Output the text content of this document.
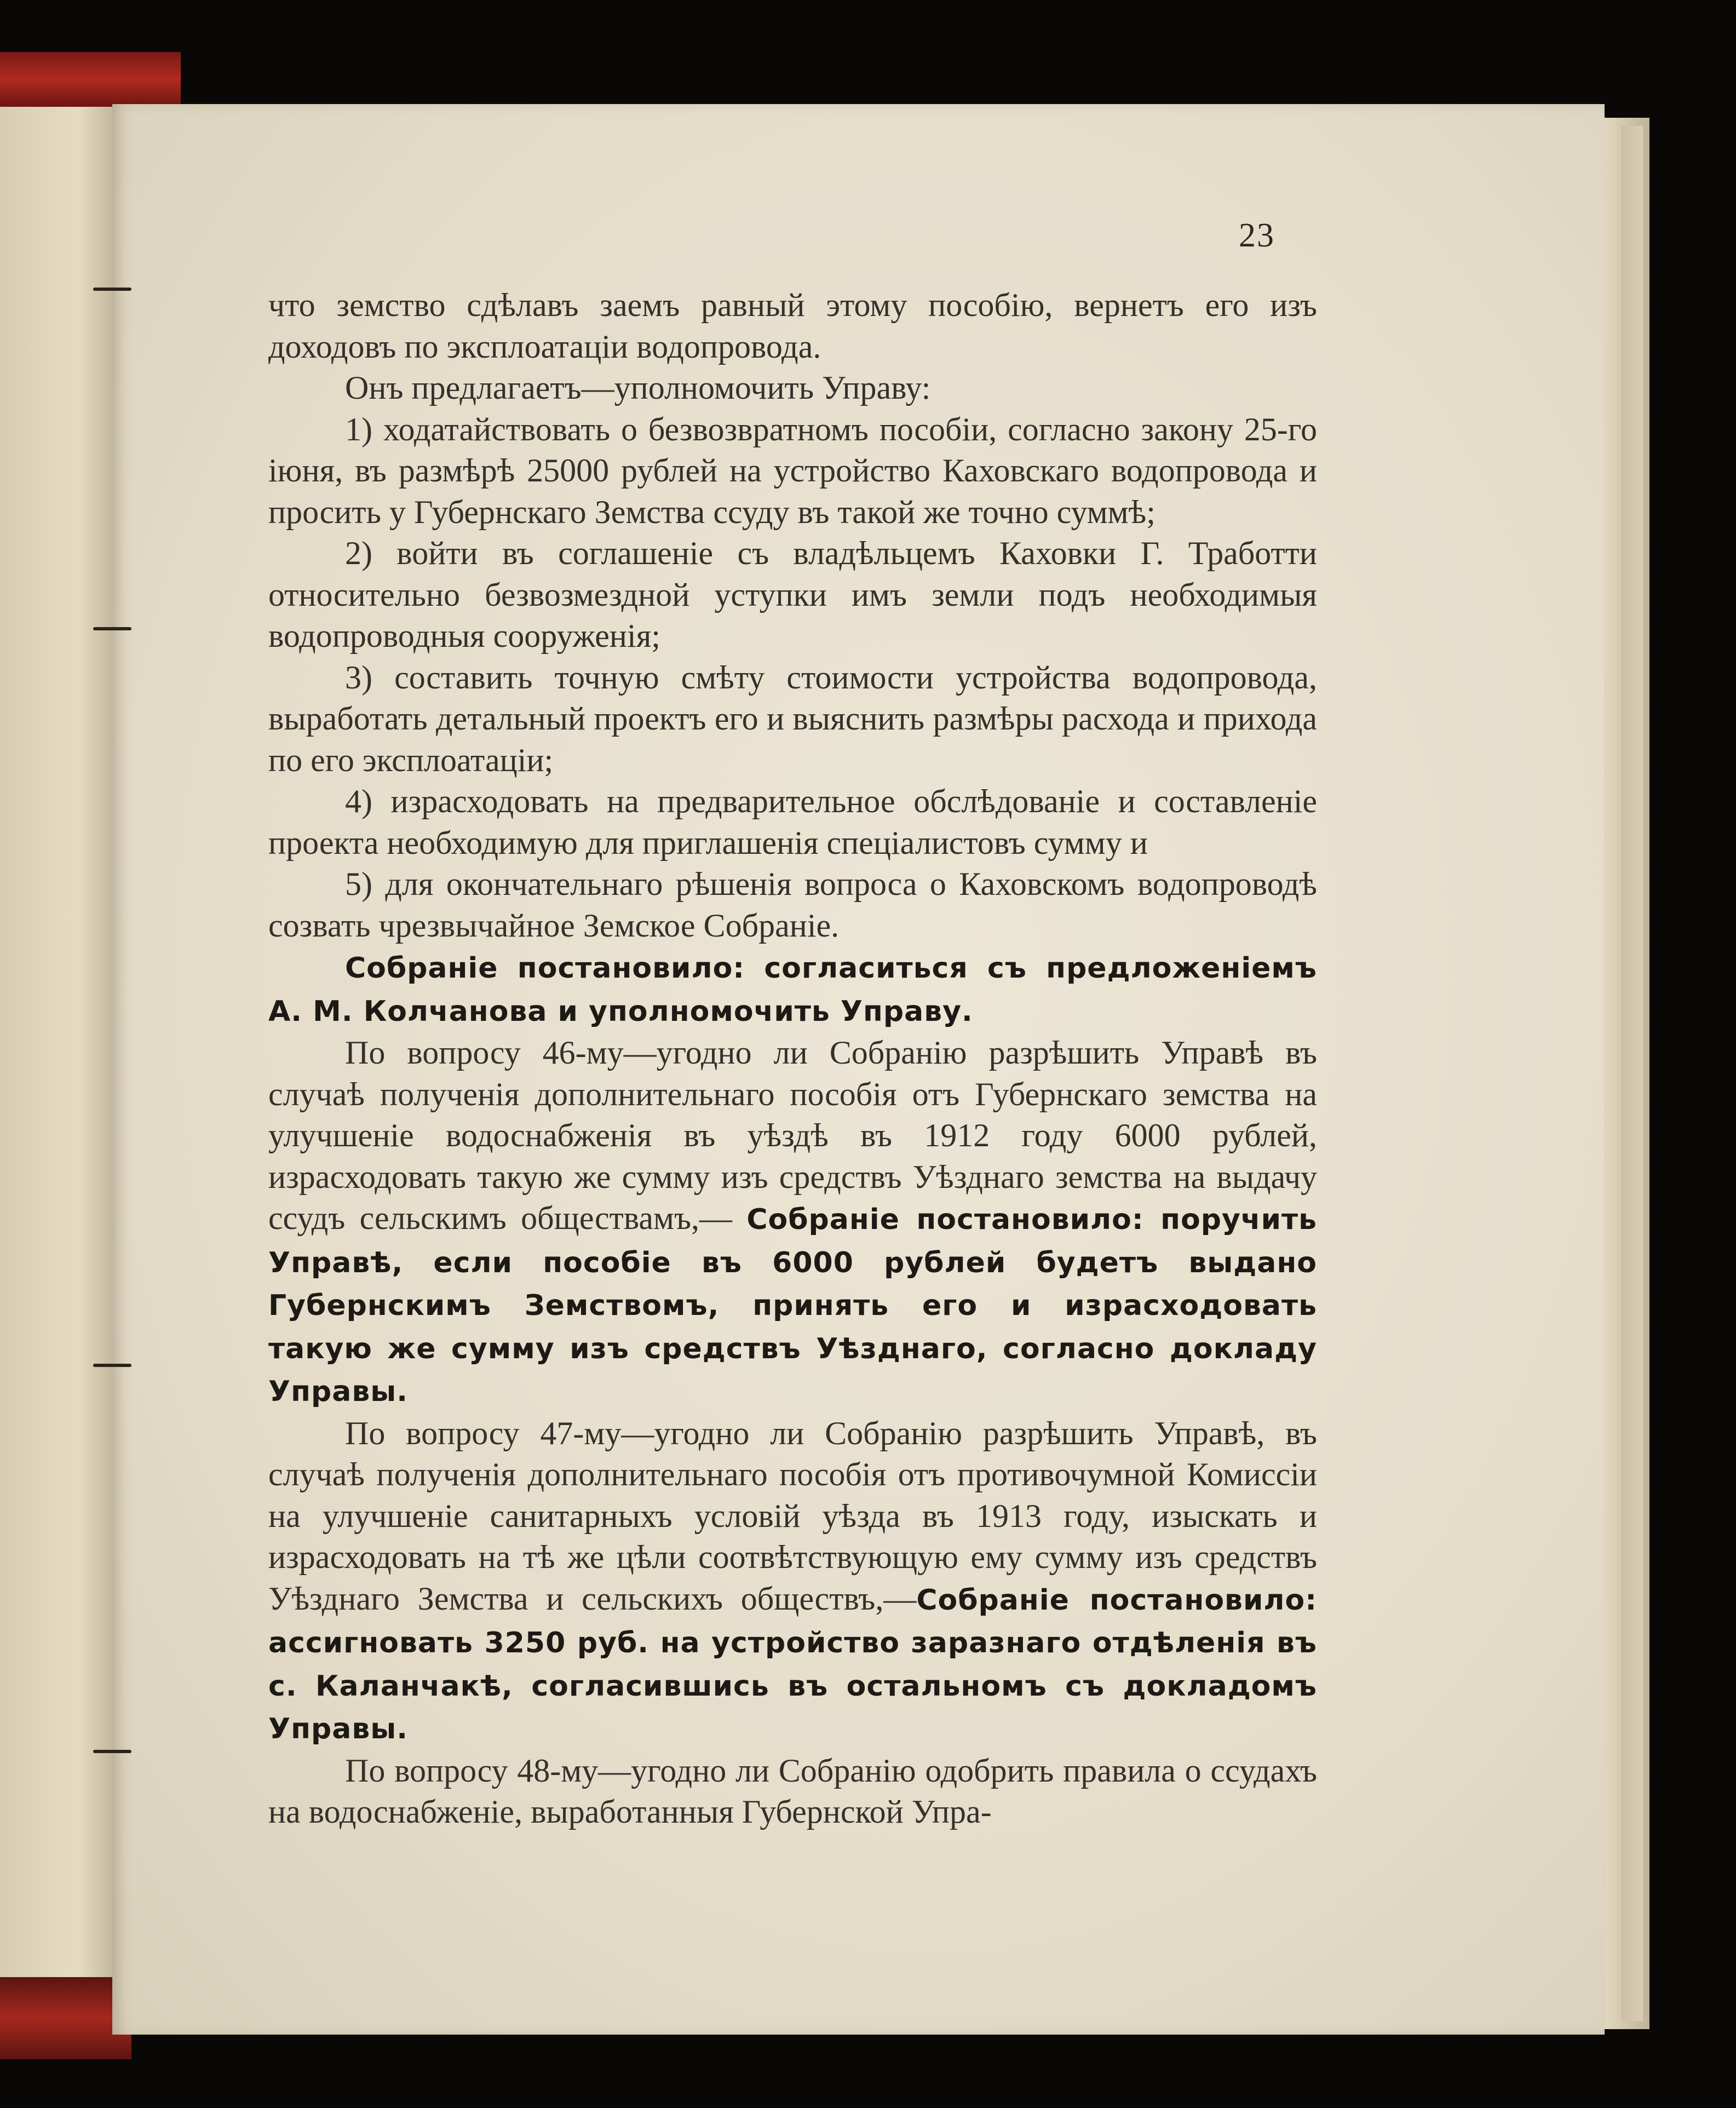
23

что земство сдѣлавъ заемъ равный этому пособію, вернетъ его изъ доходовъ по эксплоатаціи водопровода.

Онъ предлагаетъ—уполномочить Управу:

1) ходатайствовать о безвозвратномъ пособіи, согласно закону 25-го іюня, въ размѣрѣ 25000 рублей на устройство Каховскаго водопровода и просить у Губернскаго Земства ссуду въ такой же точно суммѣ;

2) войти въ соглашеніе съ владѣльцемъ Каховки Г. Тработти относительно безвозмездной уступки имъ земли подъ необходимыя водопроводныя сооруженія;

3) составить точную смѣту стоимости устройства водопровода, выработать детальный проектъ его и выяснить размѣры расхода и прихода по его эксплоатаціи;

4) израсходовать на предварительное обслѣдованіе и составленіе проекта необходимую для приглашенія спеціалистовъ сумму и

5) для окончательнаго рѣшенія вопроса о Каховскомъ водопроводѣ созвать чрезвычайное Земское Собраніе.

Собраніе постановило: согласиться съ предложеніемъ А. М. Колчанова и уполномочить Управу.

По вопросу 46-му—угодно ли Собранію разрѣшить Управѣ въ случаѣ полученія дополнительнаго пособія отъ Губернскаго земства на улучшеніе водоснабженія въ уѣздѣ въ 1912 году 6000 рублей, израсходовать такую же сумму изъ средствъ Уѣзднаго земства на выдачу ссудъ сельскимъ обществамъ,— Собраніе постановило: поручить Управѣ, если пособіе въ 6000 рублей будетъ выдано Губернскимъ Земствомъ, принять его и израсходовать такую же сумму изъ средствъ Уѣзднаго, согласно докладу Управы.

По вопросу 47-му—угодно ли Собранію разрѣшить Управѣ, въ случаѣ полученія дополнительнаго пособія отъ противочумной Комиссіи на улучшеніе санитарныхъ условій уѣзда въ 1913 году, изыскать и израсходовать на тѣ же цѣли соотвѣтствующую ему сумму изъ средствъ Уѣзднаго Земства и сельскихъ обществъ,—Собраніе постановило: ассигновать 3250 руб. на устройство заразнаго отдѣленія въ с. Каланчакѣ, согласившись въ остальномъ съ докладомъ Управы.

По вопросу 48-му—угодно ли Собранію одобрить правила о ссудахъ на водоснабженіе, выработанныя Губернской Упра-
